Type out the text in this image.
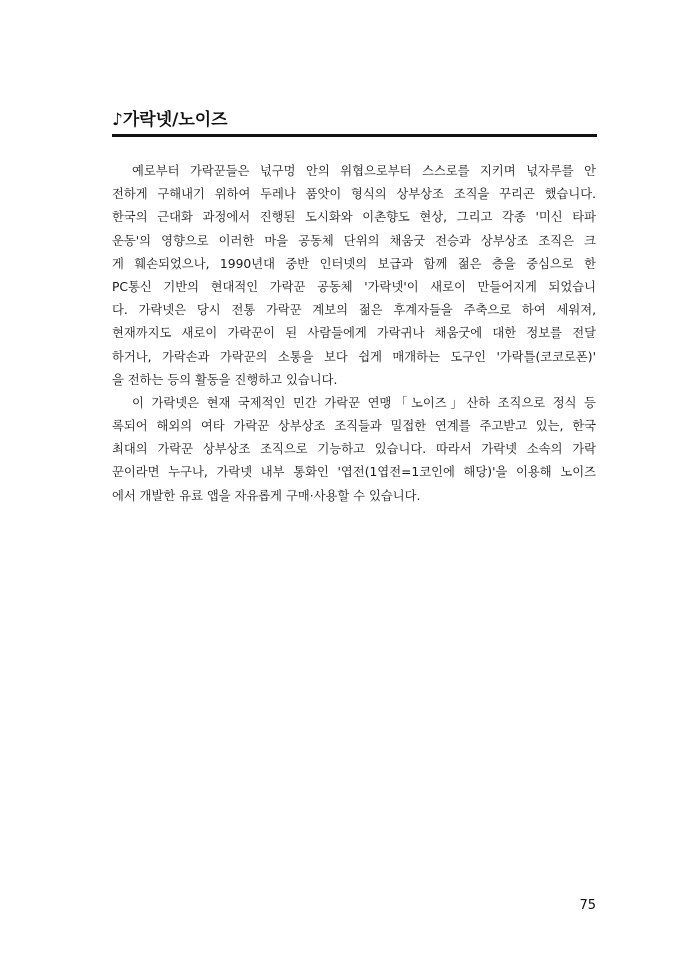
♪가락넷/노이즈
예로부터 가락꾼들은 넋구멍 안의 위협으로부터 스스로를 지키며 넋자루를 안
전하게 구해내기 위하여 두레나 품앗이 형식의 상부상조 조직을 꾸리곤 했습니다.
한국의 근대화 과정에서 진행된 도시화와 이촌향도 현상, 그리고 각종 '미신 타파
운동'의 영향으로 이러한 마을 공동체 단위의 채움굿 전승과 상부상조 조직은 크
게 훼손되었으나, 1990년대 중반 인터넷의 보급과 함께 젊은 층을 중심으로 한
PC통신 기반의 현대적인 가락꾼 공동체 '가락넷'이 새로이 만들어지게 되었습니
다. 가락넷은 당시 전통 가락꾼 계보의 젊은 후계자들을 주축으로 하여 세워져,
현재까지도 새로이 가락꾼이 된 사람들에게 가락귀나 채움굿에 대한 정보를 전달
하거나, 가락손과 가락꾼의 소통을 보다 쉽게 매개하는 도구인 '가락틀(코코로폰)'
을 전하는 등의 활동을 진행하고 있습니다.
이 가락넷은 현재 국제적인 민간 가락꾼 연맹「노이즈」산하 조직으로 정식 등
록되어 해외의 여타 가락꾼 상부상조 조직들과 밀접한 연계를 주고받고 있는, 한국
최대의 가락꾼 상부상조 조직으로 기능하고 있습니다. 따라서 가락넷 소속의 가락
꾼이라면 누구나, 가락넷 내부 통화인 '엽전(1엽전=1코인에 해당)'을 이용해 노이즈
에서 개발한 유료 앱을 자유롭게 구매·사용할 수 있습니다.
75
